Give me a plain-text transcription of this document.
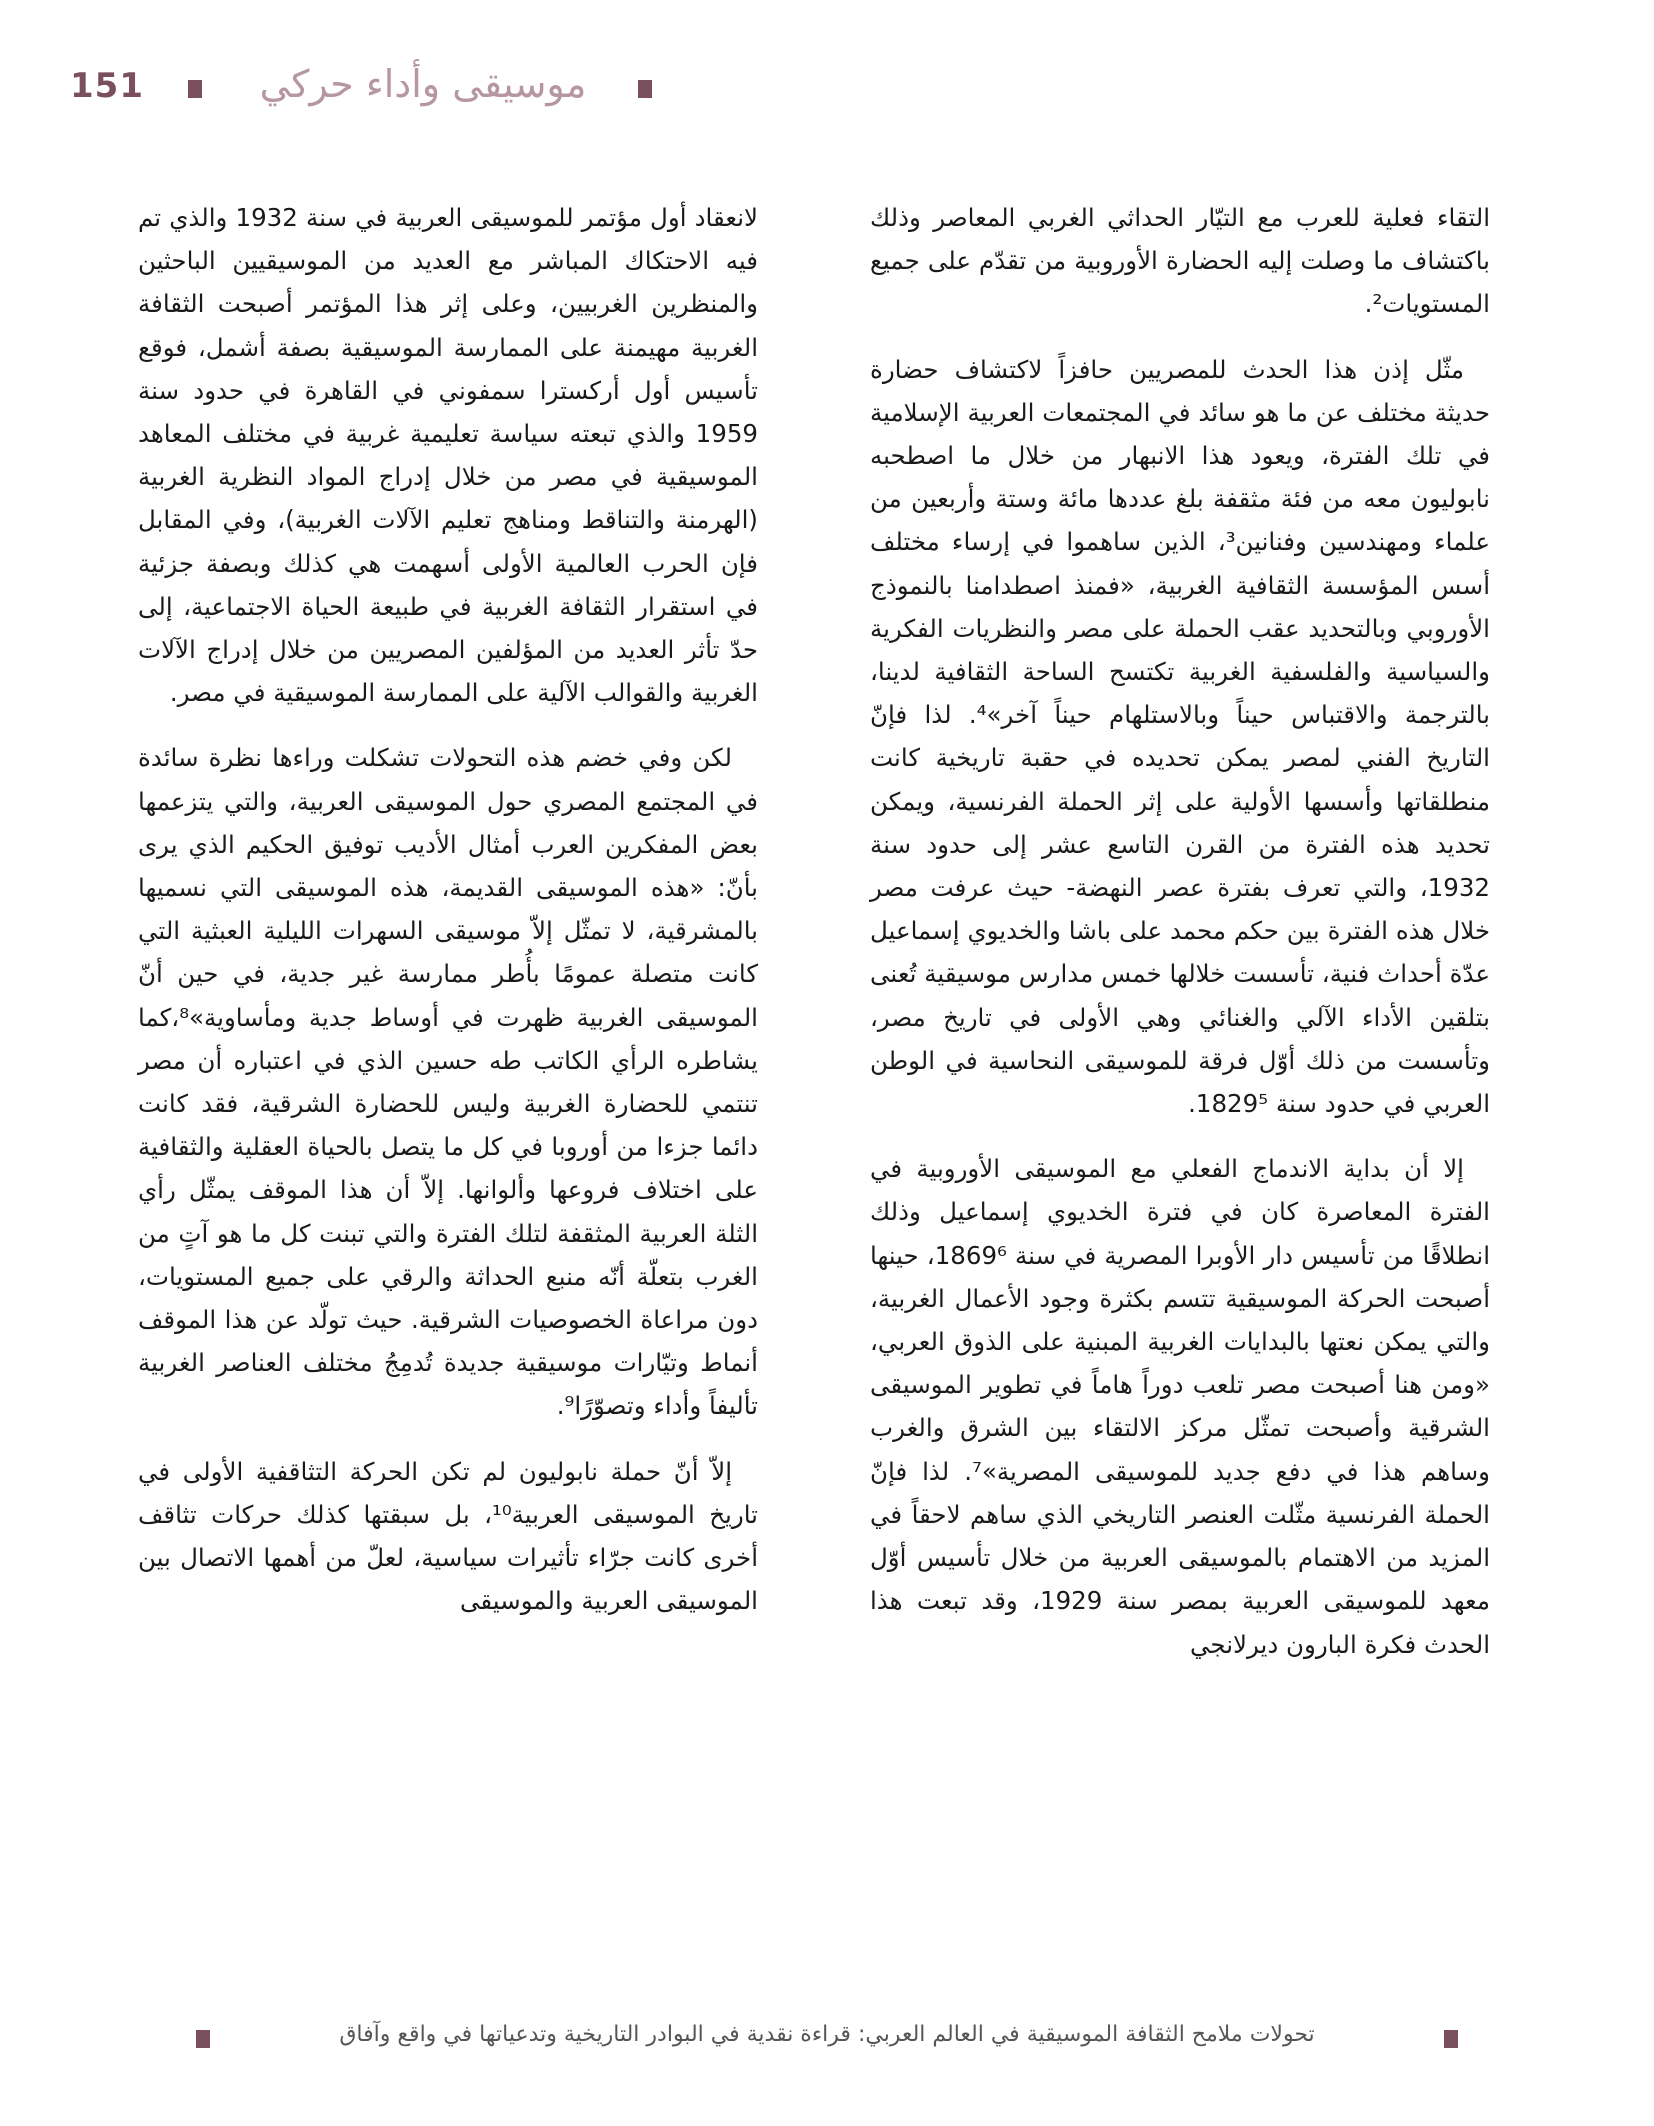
151	موسيقى وأداء حركي

التقاء فعلية للعرب مع التيّار الحداثي الغربي المعاصر وذلك باكتشاف ما وصلت إليه الحضارة الأوروبية من تقدّم على جميع المستويات².

مثّل إذن هذا الحدث للمصريين حافزاً لاكتشاف حضارة حديثة مختلف عن ما هو سائد في المجتمعات العربية الإسلامية في تلك الفترة، ويعود هذا الانبهار من خلال ما اصطحبه نابوليون معه من فئة مثقفة بلغ عددها مائة وستة وأربعين من علماء ومهندسين وفنانين³، الذين ساهموا في إرساء مختلف أسس المؤسسة الثقافية الغربية، «فمنذ اصطدامنا بالنموذج الأوروبي وبالتحديد عقب الحملة على مصر والنظريات الفكرية والسياسية والفلسفية الغربية تكتسح الساحة الثقافية لدينا، بالترجمة والاقتباس حيناً وبالاستلهام حيناً آخر»⁴. لذا فإنّ التاريخ الفني لمصر يمكن تحديده في حقبة تاريخية كانت منطلقاتها وأسسها الأولية على إثر الحملة الفرنسية، ويمكن تحديد هذه الفترة من القرن التاسع عشر إلى حدود سنة 1932، والتي تعرف بفترة عصر النهضة- حيث عرفت مصر خلال هذه الفترة بين حكم محمد على باشا والخديوي إسماعيل عدّة أحداث فنية، تأسست خلالها خمس مدارس موسيقية تُعنى بتلقين الأداء الآلي والغنائي وهي الأولى في تاريخ مصر، وتأسست من ذلك أوّل فرقة للموسيقى النحاسية في الوطن العربي في حدود سنة 1829⁵.

إلا أن بداية الاندماج الفعلي مع الموسيقى الأوروبية في الفترة المعاصرة كان في فترة الخديوي إسماعيل وذلك انطلاقًا من تأسيس دار الأوبرا المصرية في سنة 1869⁶، حينها أصبحت الحركة الموسيقية تتسم بكثرة وجود الأعمال الغربية، والتي يمكن نعتها بالبدايات الغربية المبنية على الذوق العربي، «ومن هنا أصبحت مصر تلعب دوراً هاماً في تطوير الموسيقى الشرقية وأصبحت تمثّل مركز الالتقاء بين الشرق والغرب وساهم هذا في دفع جديد للموسيقى المصرية»⁷. لذا فإنّ الحملة الفرنسية مثّلت العنصر التاريخي الذي ساهم لاحقاً في المزيد من الاهتمام بالموسيقى العربية من خلال تأسيس أوّل معهد للموسيقى العربية بمصر سنة 1929، وقد تبعت هذا الحدث فكرة البارون ديرلانجي

لانعقاد أول مؤتمر للموسيقى العربية في سنة 1932 والذي تم فيه الاحتكاك المباشر مع العديد من الموسيقيين الباحثين والمنظرين الغربيين، وعلى إثر هذا المؤتمر أصبحت الثقافة الغربية مهيمنة على الممارسة الموسيقية بصفة أشمل، فوقع تأسيس أول أركسترا سمفوني في القاهرة في حدود سنة 1959 والذي تبعته سياسة تعليمية غربية في مختلف المعاهد الموسيقية في مصر من خلال إدراج المواد النظرية الغربية (الهرمنة والتناقط ومناهج تعليم الآلات الغربية)، وفي المقابل فإن الحرب العالمية الأولى أسهمت هي كذلك وبصفة جزئية في استقرار الثقافة الغربية في طبيعة الحياة الاجتماعية، إلى حدّ تأثر العديد من المؤلفين المصريين من خلال إدراج الآلات الغربية والقوالب الآلية على الممارسة الموسيقية في مصر.

لكن وفي خضم هذه التحولات تشكلت وراءها نظرة سائدة في المجتمع المصري حول الموسيقى العربية، والتي يتزعمها بعض المفكرين العرب أمثال الأديب توفيق الحكيم الذي يرى بأنّ: «هذه الموسيقى القديمة، هذه الموسيقى التي نسميها بالمشرقية، لا تمثّل إلاّ موسيقى السهرات الليلية العبثية التي كانت متصلة عمومًا بأُطر ممارسة غير جدية، في حين أنّ الموسيقى الغربية ظهرت في أوساط جدية ومأساوية»⁸،كما يشاطره الرأي الكاتب طه حسين الذي في اعتباره أن مصر تنتمي للحضارة الغربية وليس للحضارة الشرقية، فقد كانت دائما جزءا من أوروبا في كل ما يتصل بالحياة العقلية والثقافية على اختلاف فروعها وألوانها. إلاّ أن هذا الموقف يمثّل رأي الثلة العربية المثقفة لتلك الفترة والتي تبنت كل ما هو آتٍ من الغرب بتعلّة أنّه منبع الحداثة والرقي على جميع المستويات، دون مراعاة الخصوصيات الشرقية. حيث تولّد عن هذا الموقف أنماط وتيّارات موسيقية جديدة تُدمِجُ مختلف العناصر الغربية تأليفاً وأداء وتصوّرًا⁹.

إلاّ أنّ حملة نابوليون لم تكن الحركة التثاقفية الأولى في تاريخ الموسيقى العربية¹⁰، بل سبقتها كذلك حركات تثاقف أخرى كانت جرّاء تأثيرات سياسية، لعلّ من أهمها الاتصال بين الموسيقى العربية والموسيقى

تحولات ملامح الثقافة الموسيقية في العالم العربي: قراءة نقدية في البوادر التاريخية وتدعياتها في واقع وآفاق
